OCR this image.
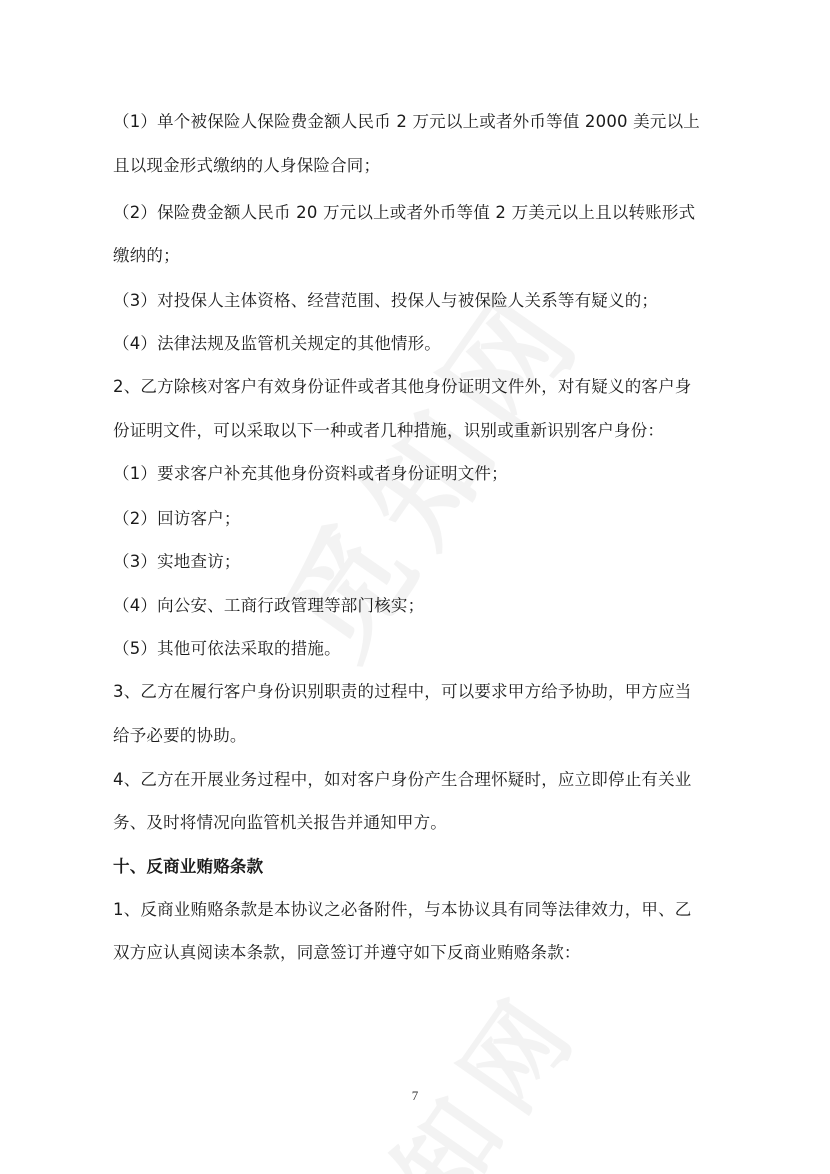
（1）单个被保险人保险费金额人民币 2 万元以上或者外币等值 2000 美元以上
且以现金形式缴纳的人身保险合同；
（2）保险费金额人民币 20 万元以上或者外币等值 2 万美元以上且以转账形式
缴纳的；
（3）对投保人主体资格、经营范围、投保人与被保险人关系等有疑义的；
（4）法律法规及监管机关规定的其他情形。
2、乙方除核对客户有效身份证件或者其他身份证明文件外，对有疑义的客户身
份证明文件，可以采取以下一种或者几种措施，识别或重新识别客户身份：
（1）要求客户补充其他身份资料或者身份证明文件；
（2）回访客户；
（3）实地查访；
（4）向公安、工商行政管理等部门核实；
（5）其他可依法采取的措施。
3、乙方在履行客户身份识别职责的过程中，可以要求甲方给予协助，甲方应当
给予必要的协助。
4、乙方在开展业务过程中，如对客户身份产生合理怀疑时，应立即停止有关业
务、及时将情况向监管机关报告并通知甲方。
十、反商业贿赂条款
1、反商业贿赂条款是本协议之必备附件，与本协议具有同等法律效力，甲、乙
双方应认真阅读本条款，同意签订并遵守如下反商业贿赂条款：
7
